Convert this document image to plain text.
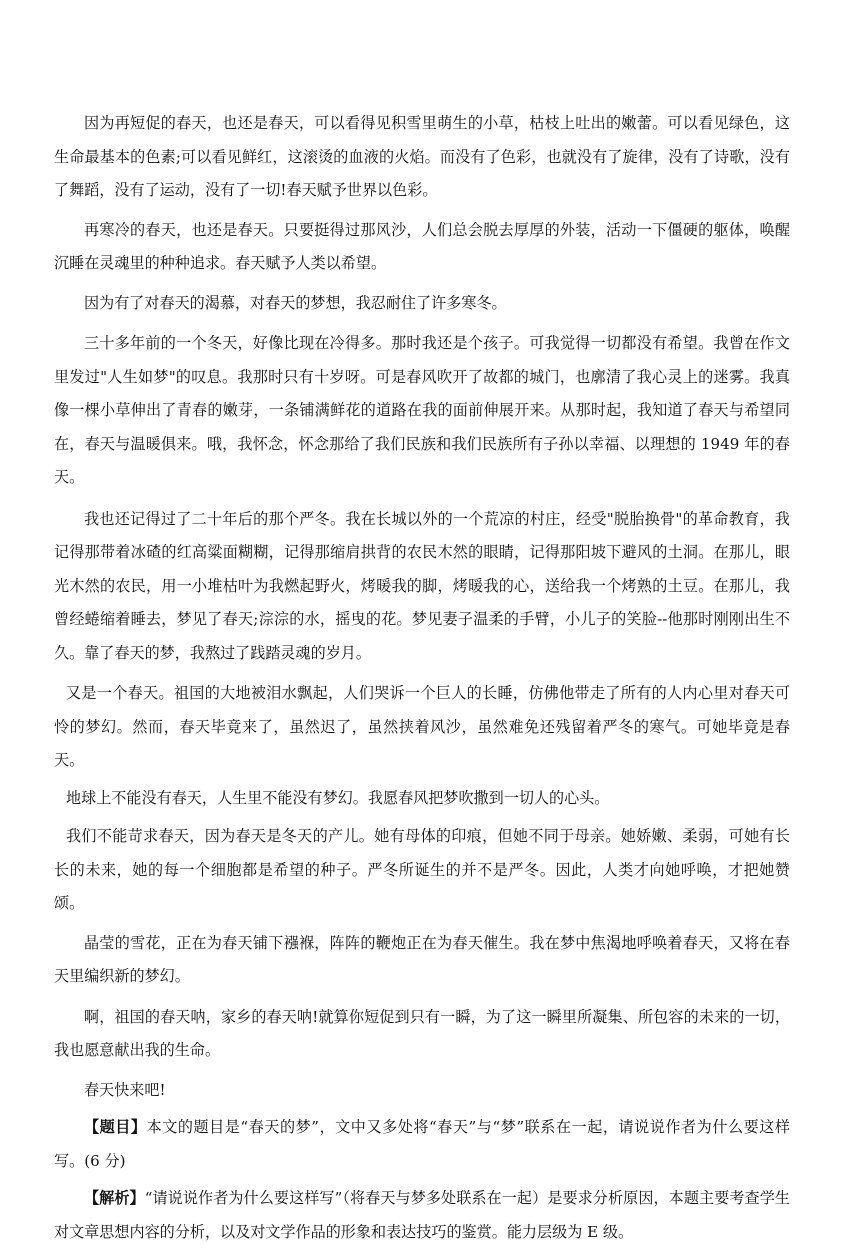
因为再短促的春天，也还是春天，可以看得见积雪里萌生的小草，枯枝上吐出的嫩蕾。可以看见绿色，这生命最基本的色素;可以看见鲜红，这滚烫的血液的火焰。而没有了色彩，也就没有了旋律，没有了诗歌，没有了舞蹈，没有了运动，没有了一切!春天赋予世界以色彩。

再寒冷的春天，也还是春天。只要挺得过那风沙，人们总会脱去厚厚的外装，活动一下僵硬的躯体，唤醒沉睡在灵魂里的种种追求。春天赋予人类以希望。

因为有了对春天的渴慕，对春天的梦想，我忍耐住了许多寒冬。

三十多年前的一个冬天，好像比现在冷得多。那时我还是个孩子。可我觉得一切都没有希望。我曾在作文里发过"人生如梦"的叹息。我那时只有十岁呀。可是春风吹开了故都的城门，也廓清了我心灵上的迷雾。我真像一棵小草伸出了青春的嫩芽，一条铺满鲜花的道路在我的面前伸展开来。从那时起，我知道了春天与希望同在，春天与温暖俱来。哦，我怀念，怀念那给了我们民族和我们民族所有子孙以幸福、以理想的 1949 年的春天。

我也还记得过了二十年后的那个严冬。我在长城以外的一个荒凉的村庄，经受"脱胎换骨"的革命教育，我记得那带着冰碴的红高粱面糊糊，记得那缩肩拱背的农民木然的眼睛，记得那阳坡下避风的土洞。在那儿，眼光木然的农民，用一小堆枯叶为我燃起野火，烤暖我的脚，烤暖我的心，送给我一个烤熟的土豆。在那儿，我曾经蜷缩着睡去，梦见了春天;淙淙的水，摇曳的花。梦见妻子温柔的手臂，小儿子的笑脸--他那时刚刚出生不久。靠了春天的梦，我熬过了践踏灵魂的岁月。

又是一个春天。祖国的大地被泪水飘起，人们哭诉一个巨人的长睡，仿佛他带走了所有的人内心里对春天可怜的梦幻。然而，春天毕竟来了，虽然迟了，虽然挟着风沙，虽然难免还残留着严冬的寒气。可她毕竟是春天。

地球上不能没有春天，人生里不能没有梦幻。我愿春风把梦吹撒到一切人的心头。

我们不能苛求春天，因为春天是冬天的产儿。她有母体的印痕，但她不同于母亲。她娇嫩、柔弱，可她有长长的未来，她的每一个细胞都是希望的种子。严冬所诞生的并不是严冬。因此，人类才向她呼唤，才把她赞颂。

晶莹的雪花，正在为春天铺下襁褓，阵阵的鞭炮正在为春天催生。我在梦中焦渴地呼唤着春天，又将在春天里编织新的梦幻。

啊，祖国的春天呐，家乡的春天呐!就算你短促到只有一瞬，为了这一瞬里所凝集、所包容的未来的一切，我也愿意献出我的生命。

春天快来吧!

【题目】本文的题目是“春天的梦”，文中又多处将“春天”与“梦”联系在一起，请说说作者为什么要这样写。(6 分)

【解析】“请说说作者为什么要这样写”（将春天与梦多处联系在一起）是要求分析原因，本题主要考查学生对文章思想内容的分析，以及对文学作品的形象和表达技巧的鉴赏。能力层级为 E 级。
